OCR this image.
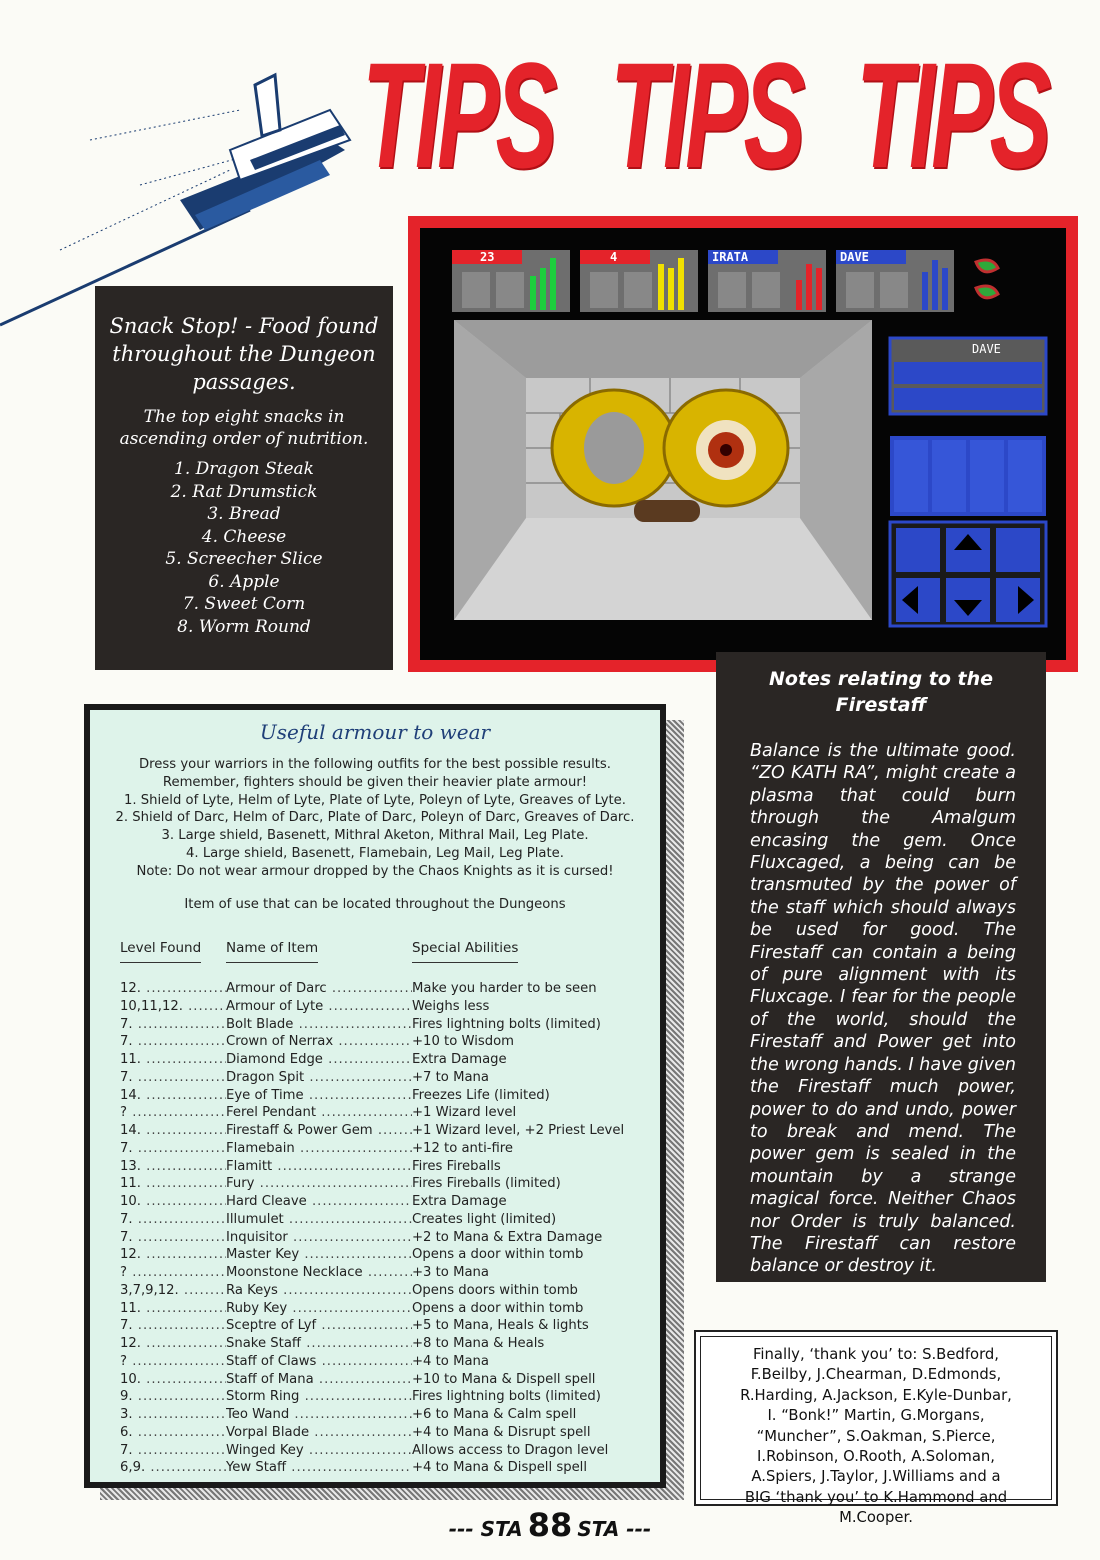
TIPS TIPS TIPS
Snack Stop! - Food found throughout the Dungeon passages.

The top eight snacks in ascending order of nutrition.

1. Dragon Steak
2. Rat Drumstick
3. Bread
4. Cheese
5. Screecher Slice
6. Apple
7. Sweet Corn
8. Worm Round
23	4	IRATA	DAVE
DAVE
Useful armour to wear
Dress your warriors in the following outfits for the best possible results.
Remember, fighters should be given their heavier plate armour!
1. Shield of Lyte, Helm of Lyte, Plate of Lyte, Poleyn of Lyte, Greaves of Lyte.
2. Shield of Darc, Helm of Darc, Plate of Darc, Poleyn of Darc, Greaves of Darc.
3. Large shield, Basenett, Mithral Aketon, Mithral Mail, Leg Plate.
4. Large shield, Basenett, Flamebain, Leg Mail, Leg Plate.
Note: Do not wear armour dropped by the Chaos Knights as it is cursed!
Item of use that can be located throughout the Dungeons
Level Found Name of Item	Special Abilities
12. .....	Armour of Darc .....	Make you harder to be seen
10,11,12. .....	Armour of Lyte .....	Weighs less
7. .....	Bolt Blade .....	Fires lightning bolts (limited)
7. .....	Crown of Nerrax .....	+10 to Wisdom
11. .....	Diamond Edge .....	Extra Damage
7. .....	Dragon Spit .....	+7 to Mana
14. .....	Eye of Time .....	Freezes Life (limited)
? .....	Ferel Pendant .....	+1 Wizard level
14. .....	Firestaff & Power Gem .....	+1 Wizard level, +2 Priest Level
7. .....	Flamebain .....	+12 to anti-fire
13. .....	Flamitt .....	Fires Fireballs
11. .....	Fury .....	Fires Fireballs (limited)
10. .....	Hard Cleave .....	Extra Damage
7. .....	Illumulet .....	Creates light (limited)
7. .....	Inquisitor .....	+2 to Mana & Extra Damage
12. .....	Master Key .....	Opens a door within tomb
? .....	Moonstone Necklace .....	+3 to Mana
3,7,9,12. .....	Ra Keys .....	Opens doors within tomb
11. .....	Ruby Key .....	Opens a door within tomb
7. .....	Sceptre of Lyf .....	+5 to Mana, Heals & lights
12. .....	Snake Staff .....	+8 to Mana & Heals
? .....	Staff of Claws .....	+4 to Mana
10. .....	Staff of Mana .....	+10 to Mana & Dispell spell
9. .....	Storm Ring .....	Fires lightning bolts (limited)
3. .....	Teo Wand .....	+6 to Mana & Calm spell
6. .....	Vorpal Blade .....	+4 to Mana & Disrupt spell
7. .....	Winged Key .....	Allows access to Dragon level
6,9. .....	Yew Staff .....	+4 to Mana & Dispell spell
Notes relating to the Firestaff

Balance is the ultimate good. “ZO KATH RA”, might create a plasma that could burn through the Amalgum encasing the gem. Once Fluxcaged, a being can be transmuted by the power of the staff which should always be used for good. The Firestaff can contain a being of pure alignment with its Fluxcage. I fear for the people of the world, should the Firestaff and Power get into the wrong hands. I have given the Firestaff much power, power to do and undo, power to break and mend. The power gem is sealed in the mountain by a strange magical force. Neither Chaos nor Order is truly balanced. The Firestaff can restore balance or destroy it.

Finally, ‘thank you’ to: S.Bedford,
F.Beilby, J.Chearman, D.Edmonds,
R.Harding, A.Jackson, E.Kyle-Dunbar,
I. “Bonk!” Martin, G.Morgans,
“Muncher”, S.Oakman, S.Pierce,
I.Robinson, O.Rooth, A.Soloman,
A.Spiers, J.Taylor, J.Williams and a
BIG ‘thank you’ to K.Hammond and
M.Cooper.
--- STA 88 STA ---
